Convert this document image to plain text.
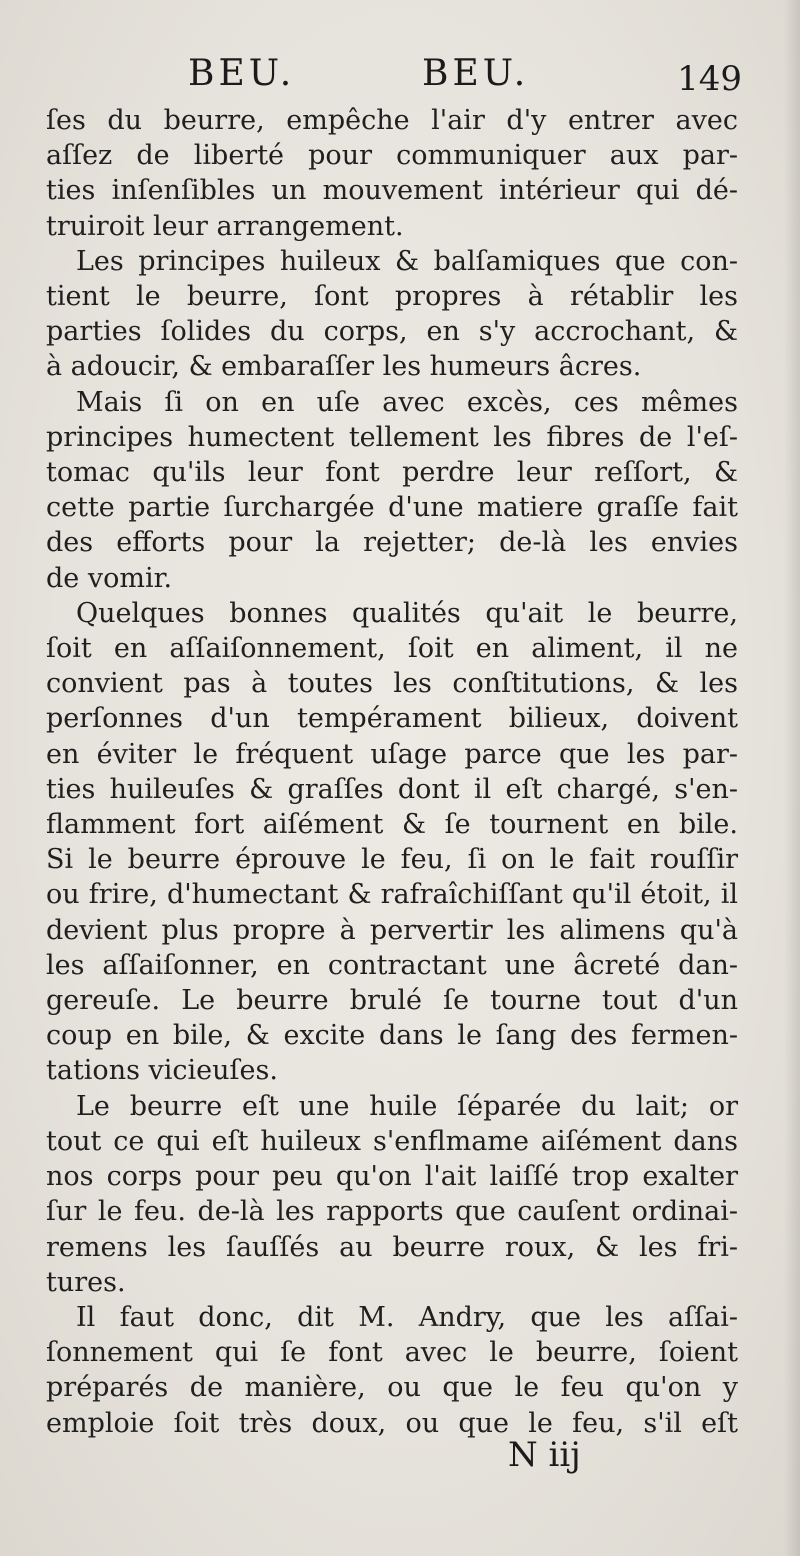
BEU.	BEU.	149
ſes du beurre, empêche l'air d'y entrer avec
aſſez de liberté pour communiquer aux par-
ties inſenſibles un mouvement intérieur qui dé-
truiroit leur arrangement.
Les principes huileux & balſamiques que con-
tient le beurre, ſont propres à rétablir les
parties ſolides du corps, en s'y accrochant, &
à adoucir, & embaraſſer les humeurs âcres.
Mais ſi on en uſe avec excès, ces mêmes
principes humectent tellement les fibres de l'eſ-
tomac qu'ils leur font perdre leur reſſort, &
cette partie ſurchargée d'une matiere graſſe fait
des efforts pour la rejetter; de-là les envies
de vomir.
Quelques bonnes qualités qu'ait le beurre,
ſoit en aſſaiſonnement, ſoit en aliment, il ne
convient pas à toutes les conſtitutions, & les
perſonnes d'un tempérament bilieux, doivent
en éviter le fréquent uſage parce que les par-
ties huileuſes & graſſes dont il eſt chargé, s'en-
flamment fort aiſément & ſe tournent en bile.
Si le beurre éprouve le feu, ſi on le fait rouſſir
ou frire, d'humectant & rafraîchiſſant qu'il étoit, il
devient plus propre à pervertir les alimens qu'à
les aſſaiſonner, en contractant une âcreté dan-
gereuſe. Le beurre brulé ſe tourne tout d'un
coup en bile, & excite dans le ſang des fermen-
tations vicieuſes.
Le beurre eſt une huile ſéparée du lait; or
tout ce qui eſt huileux s'enflmame aiſément dans
nos corps pour peu qu'on l'ait laiſſé trop exalter
ſur le feu. de-là les rapports que cauſent ordinai-
remens les ſauſſés au beurre roux, & les fri-
tures.
Il faut donc, dit M. Andry, que les aſſai-
ſonnement qui ſe font avec le beurre, ſoient
préparés de manière, ou que le feu qu'on y
emploie ſoit très doux, ou que le feu, s'il eſt
N iij
